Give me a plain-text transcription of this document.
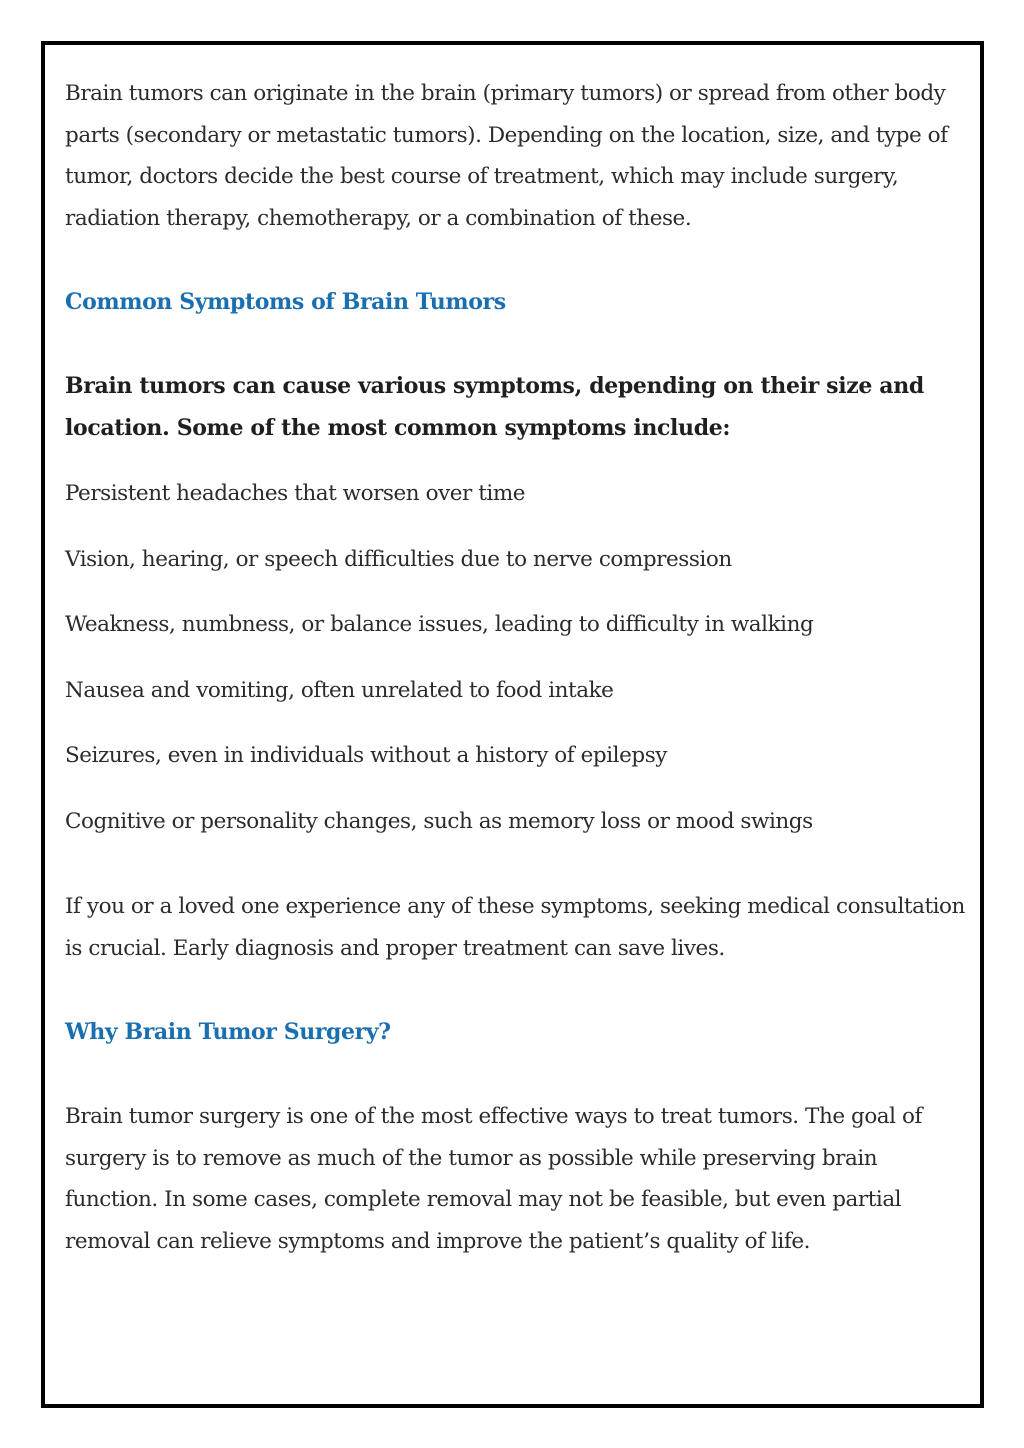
Brain tumors can originate in the brain (primary tumors) or spread from other body parts (secondary or metastatic tumors). Depending on the location, size, and type of tumor, doctors decide the best course of treatment, which may include surgery, radiation therapy, chemotherapy, or a combination of these.

Common Symptoms of Brain Tumors

Brain tumors can cause various symptoms, depending on their size and location. Some of the most common symptoms include:

Persistent headaches that worsen over time
Vision, hearing, or speech difficulties due to nerve compression
Weakness, numbness, or balance issues, leading to difficulty in walking
Nausea and vomiting, often unrelated to food intake
Seizures, even in individuals without a history of epilepsy
Cognitive or personality changes, such as memory loss or mood swings

If you or a loved one experience any of these symptoms, seeking medical consultation is crucial. Early diagnosis and proper treatment can save lives.

Why Brain Tumor Surgery?

Brain tumor surgery is one of the most effective ways to treat tumors. The goal of surgery is to remove as much of the tumor as possible while preserving brain function. In some cases, complete removal may not be feasible, but even partial removal can relieve symptoms and improve the patient’s quality of life.
